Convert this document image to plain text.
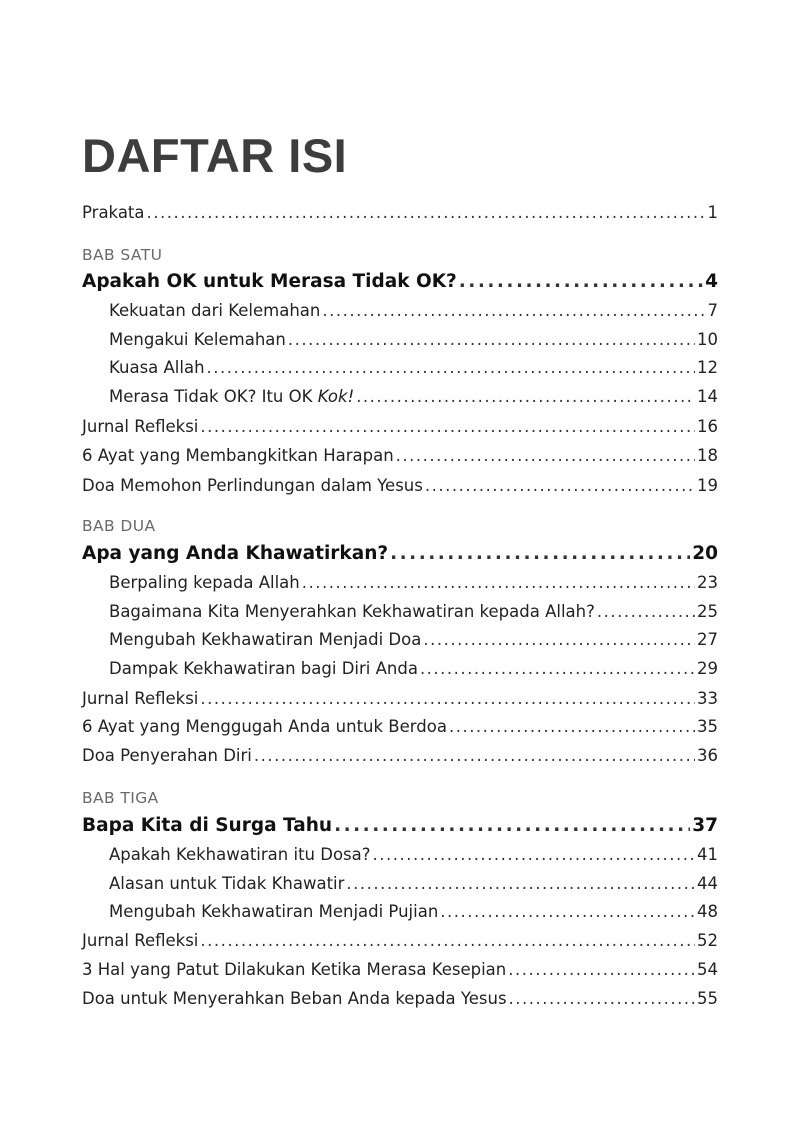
DAFTAR ISI
Prakata .....	1
BAB SATU
Apakah OK untuk Merasa Tidak OK? .....	4
Kekuatan dari Kelemahan .....	7
Mengakui Kelemahan .....	10
Kuasa Allah .....	12
Merasa Tidak OK? Itu OK Kok! .....	14
Jurnal Refleksi .....	16
6 Ayat yang Membangkitkan Harapan .....	18
Doa Memohon Perlindungan dalam Yesus .....	19
BAB DUA
Apa yang Anda Khawatirkan? .....	20
Berpaling kepada Allah .....	23
Bagaimana Kita Menyerahkan Kekhawatiran kepada Allah? .....	25
Mengubah Kekhawatiran Menjadi Doa .....	27
Dampak Kekhawatiran bagi Diri Anda .....	29
Jurnal Refleksi .....	33
6 Ayat yang Menggugah Anda untuk Berdoa .....	35
Doa Penyerahan Diri .....	36
BAB TIGA
Bapa Kita di Surga Tahu .....	37
Apakah Kekhawatiran itu Dosa? .....	41
Alasan untuk Tidak Khawatir .....	44
Mengubah Kekhawatiran Menjadi Pujian .....	48
Jurnal Refleksi .....	52
3 Hal yang Patut Dilakukan Ketika Merasa Kesepian .....	54
Doa untuk Menyerahkan Beban Anda kepada Yesus .....	55
